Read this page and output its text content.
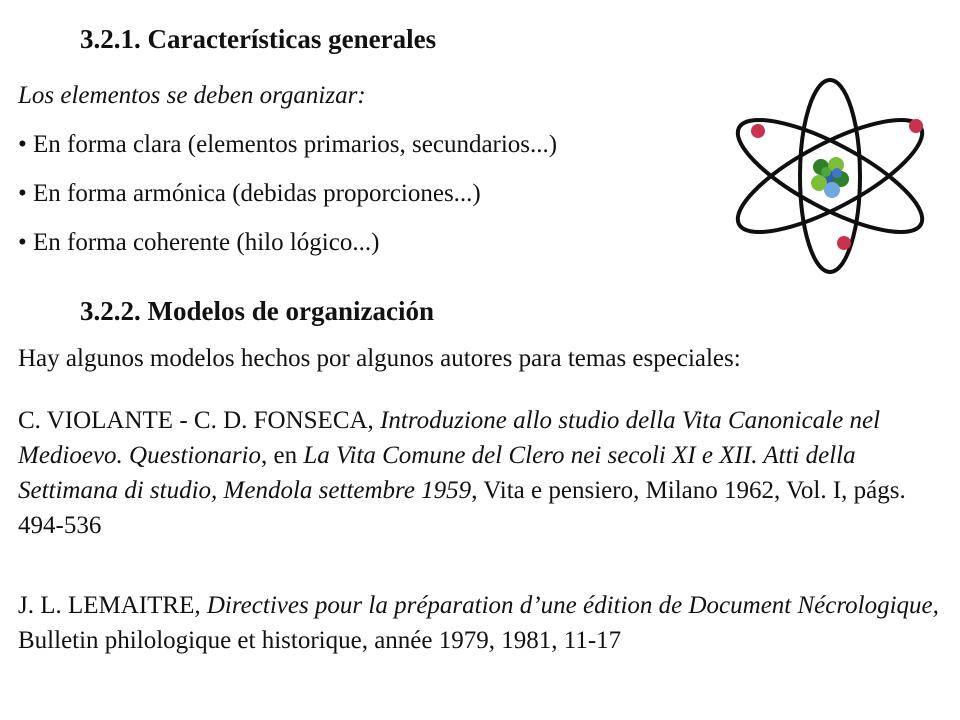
3.2.1. Características generales

Los elementos se deben organizar:

• En forma clara (elementos primarios, secundarios...)

• En forma armónica (debidas proporciones...)

• En forma coherente (hilo lógico...)

3.2.2. Modelos de organización

Hay algunos modelos hechos por algunos autores para temas especiales:

C. VIOLANTE - C. D. FONSECA, Introduzione allo studio della Vita Canonicale nel Medioevo. Questionario, en La Vita Comune del Clero nei secoli XI e XII. Atti della Settimana di studio, Mendola settembre 1959, Vita e pensiero, Milano 1962, Vol. I, págs. 494-536

J. L. LEMAITRE, Directives pour la préparation d’une édition de Document Nécrologique, Bulletin philologique et historique, année 1979, 1981, 11-17
